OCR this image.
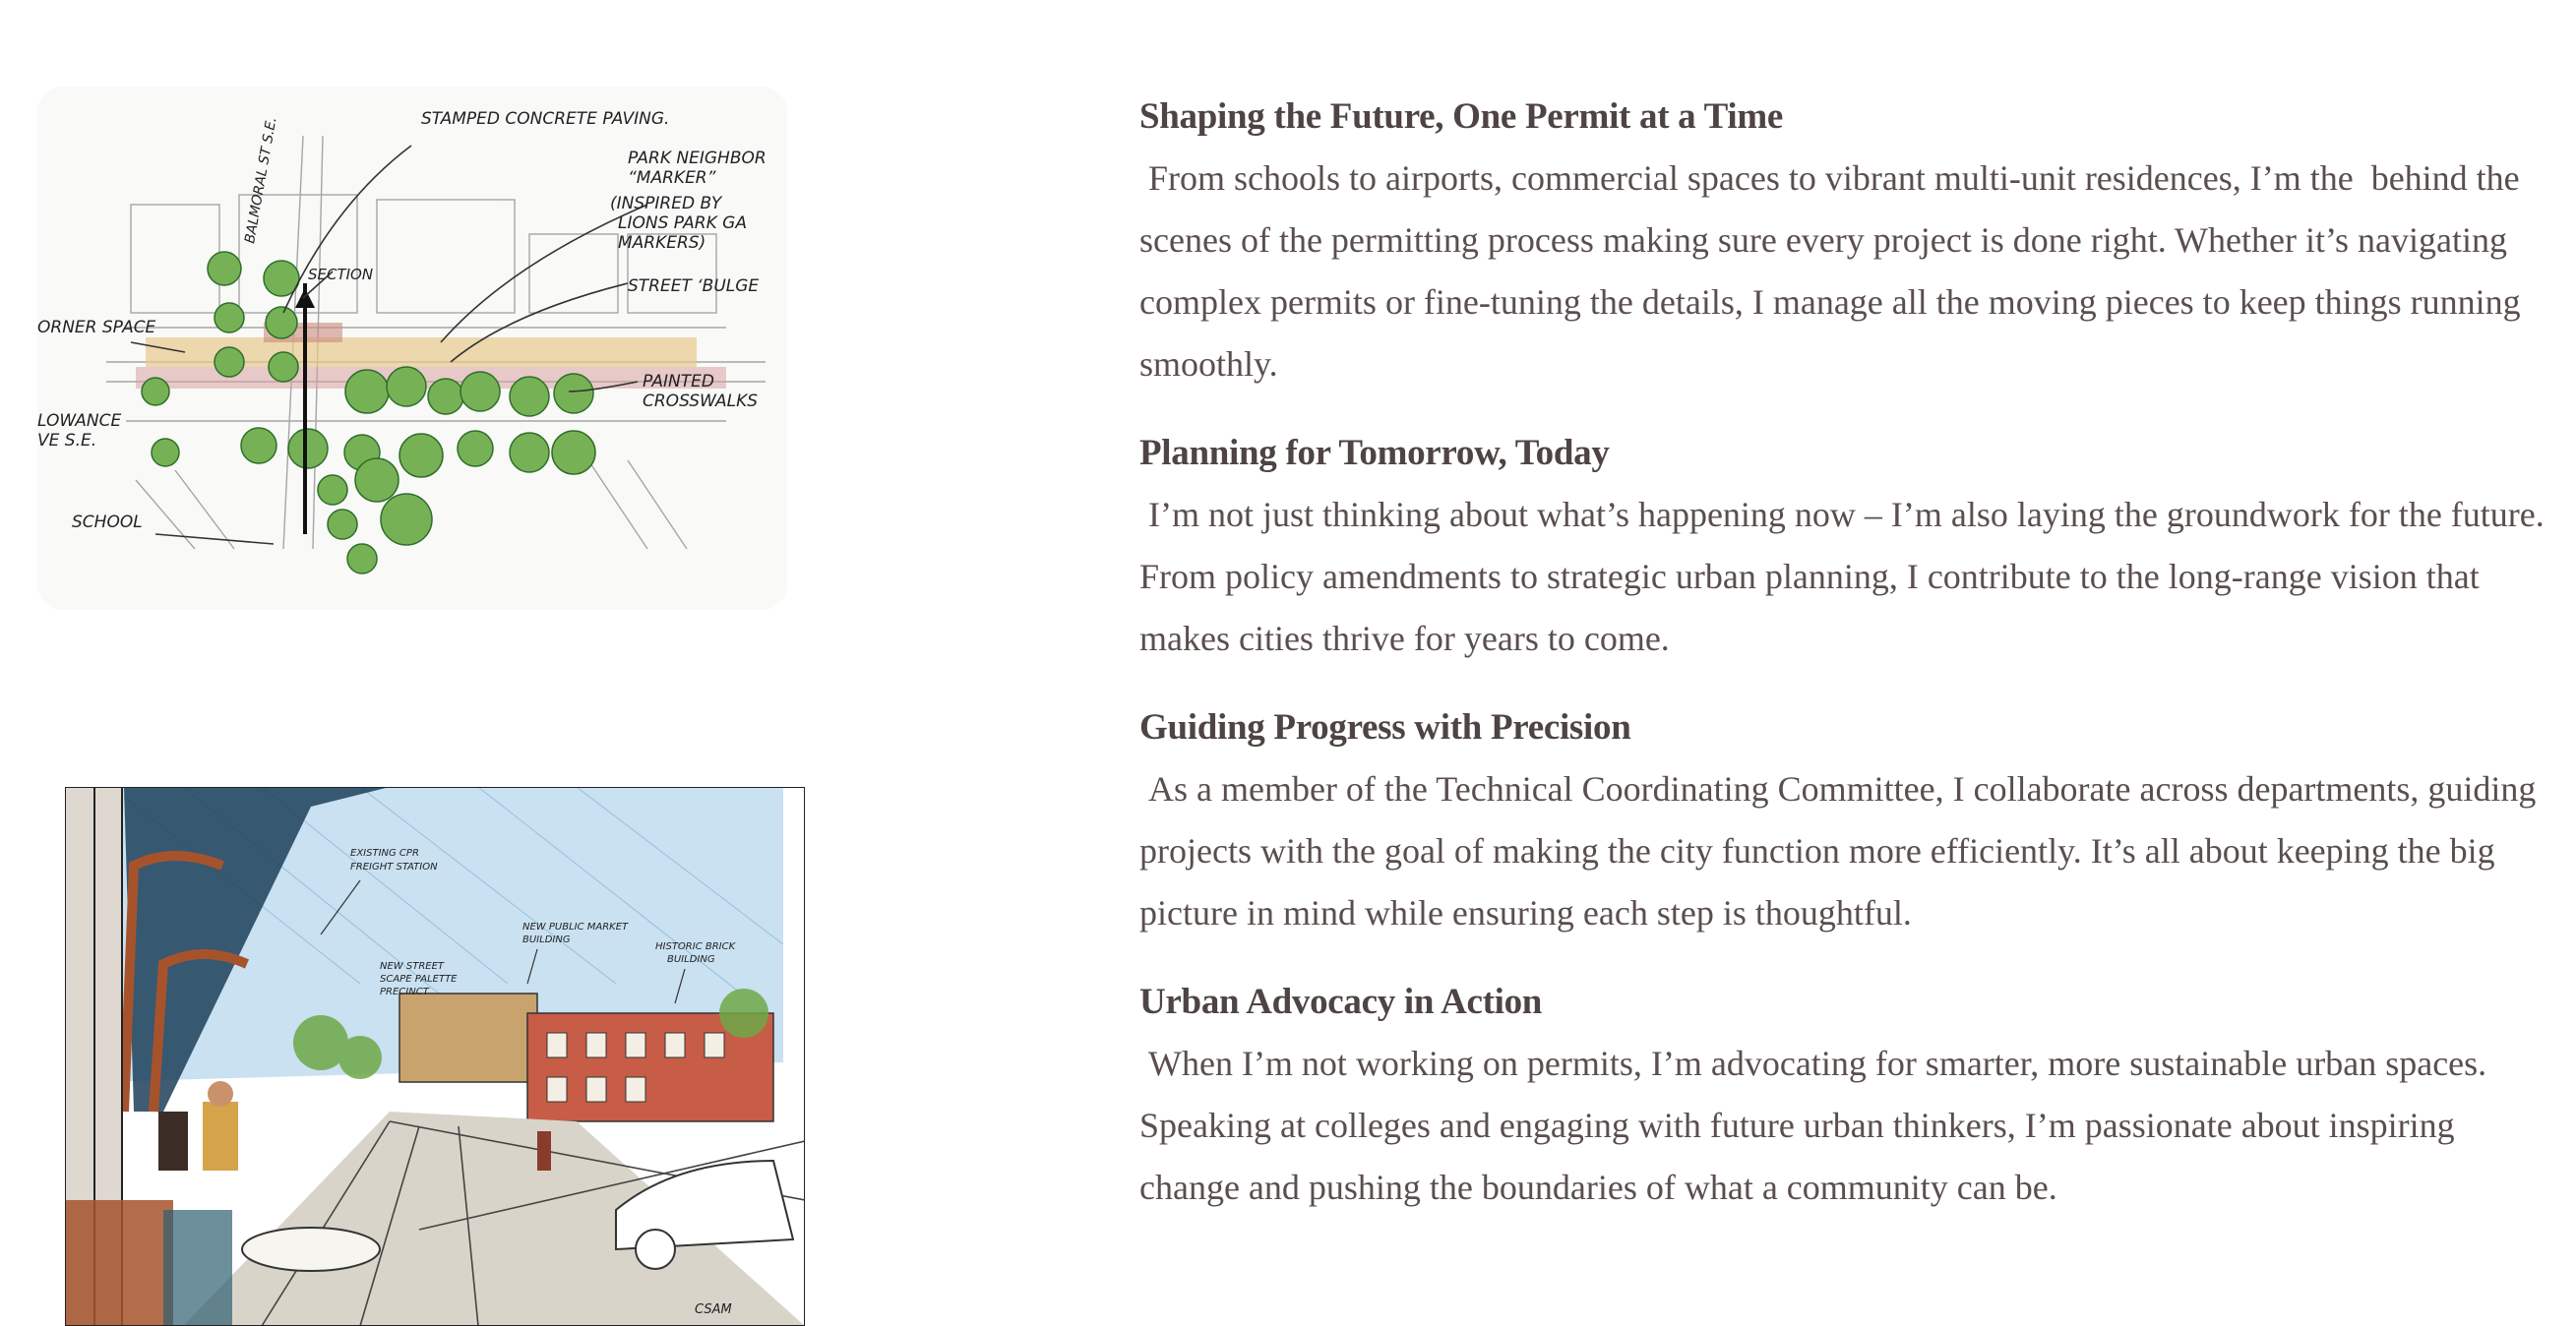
STAMPED CONCRETE PAVING.
PARK NEIGHBOR
“MARKER”
(INSPIRED BY
LIONS PARK GA
MARKERS)
SECTION
STREET ‘BULGE
ORNER SPACE
PAINTED
CROSSWALKS
LOWANCE
VE S.E.
SCHOOL
BALMORAL ST S.E.
EXISTING CPR
FREIGHT STATION
NEW PUBLIC MARKET
BUILDING
HISTORIC BRICK
BUILDING
NEW STREET
SCAPE PALETTE
PRECINCT
CSAM
Shaping the Future, One Permit at a Time

From schools to airports, commercial spaces to vibrant multi-unit residences, I’m the  behind the scenes of the permitting process making sure every project is done right. Whether it’s navigating complex permits or fine-tuning the details, I manage all the moving pieces to keep things running smoothly.

Planning for Tomorrow, Today

I’m not just thinking about what’s happening now – I’m also laying the groundwork for the future. From policy amendments to strategic urban planning, I contribute to the long-range vision that makes cities thrive for years to come.

Guiding Progress with Precision

As a member of the Technical Coordinating Committee, I collaborate across departments, guiding projects with the goal of making the city function more efficiently. It’s all about keeping the big picture in mind while ensuring each step is thoughtful.

Urban Advocacy in Action

When I’m not working on permits, I’m advocating for smarter, more sustainable urban spaces. Speaking at colleges and engaging with future urban thinkers, I’m passionate about inspiring change and pushing the boundaries of what a community can be.
